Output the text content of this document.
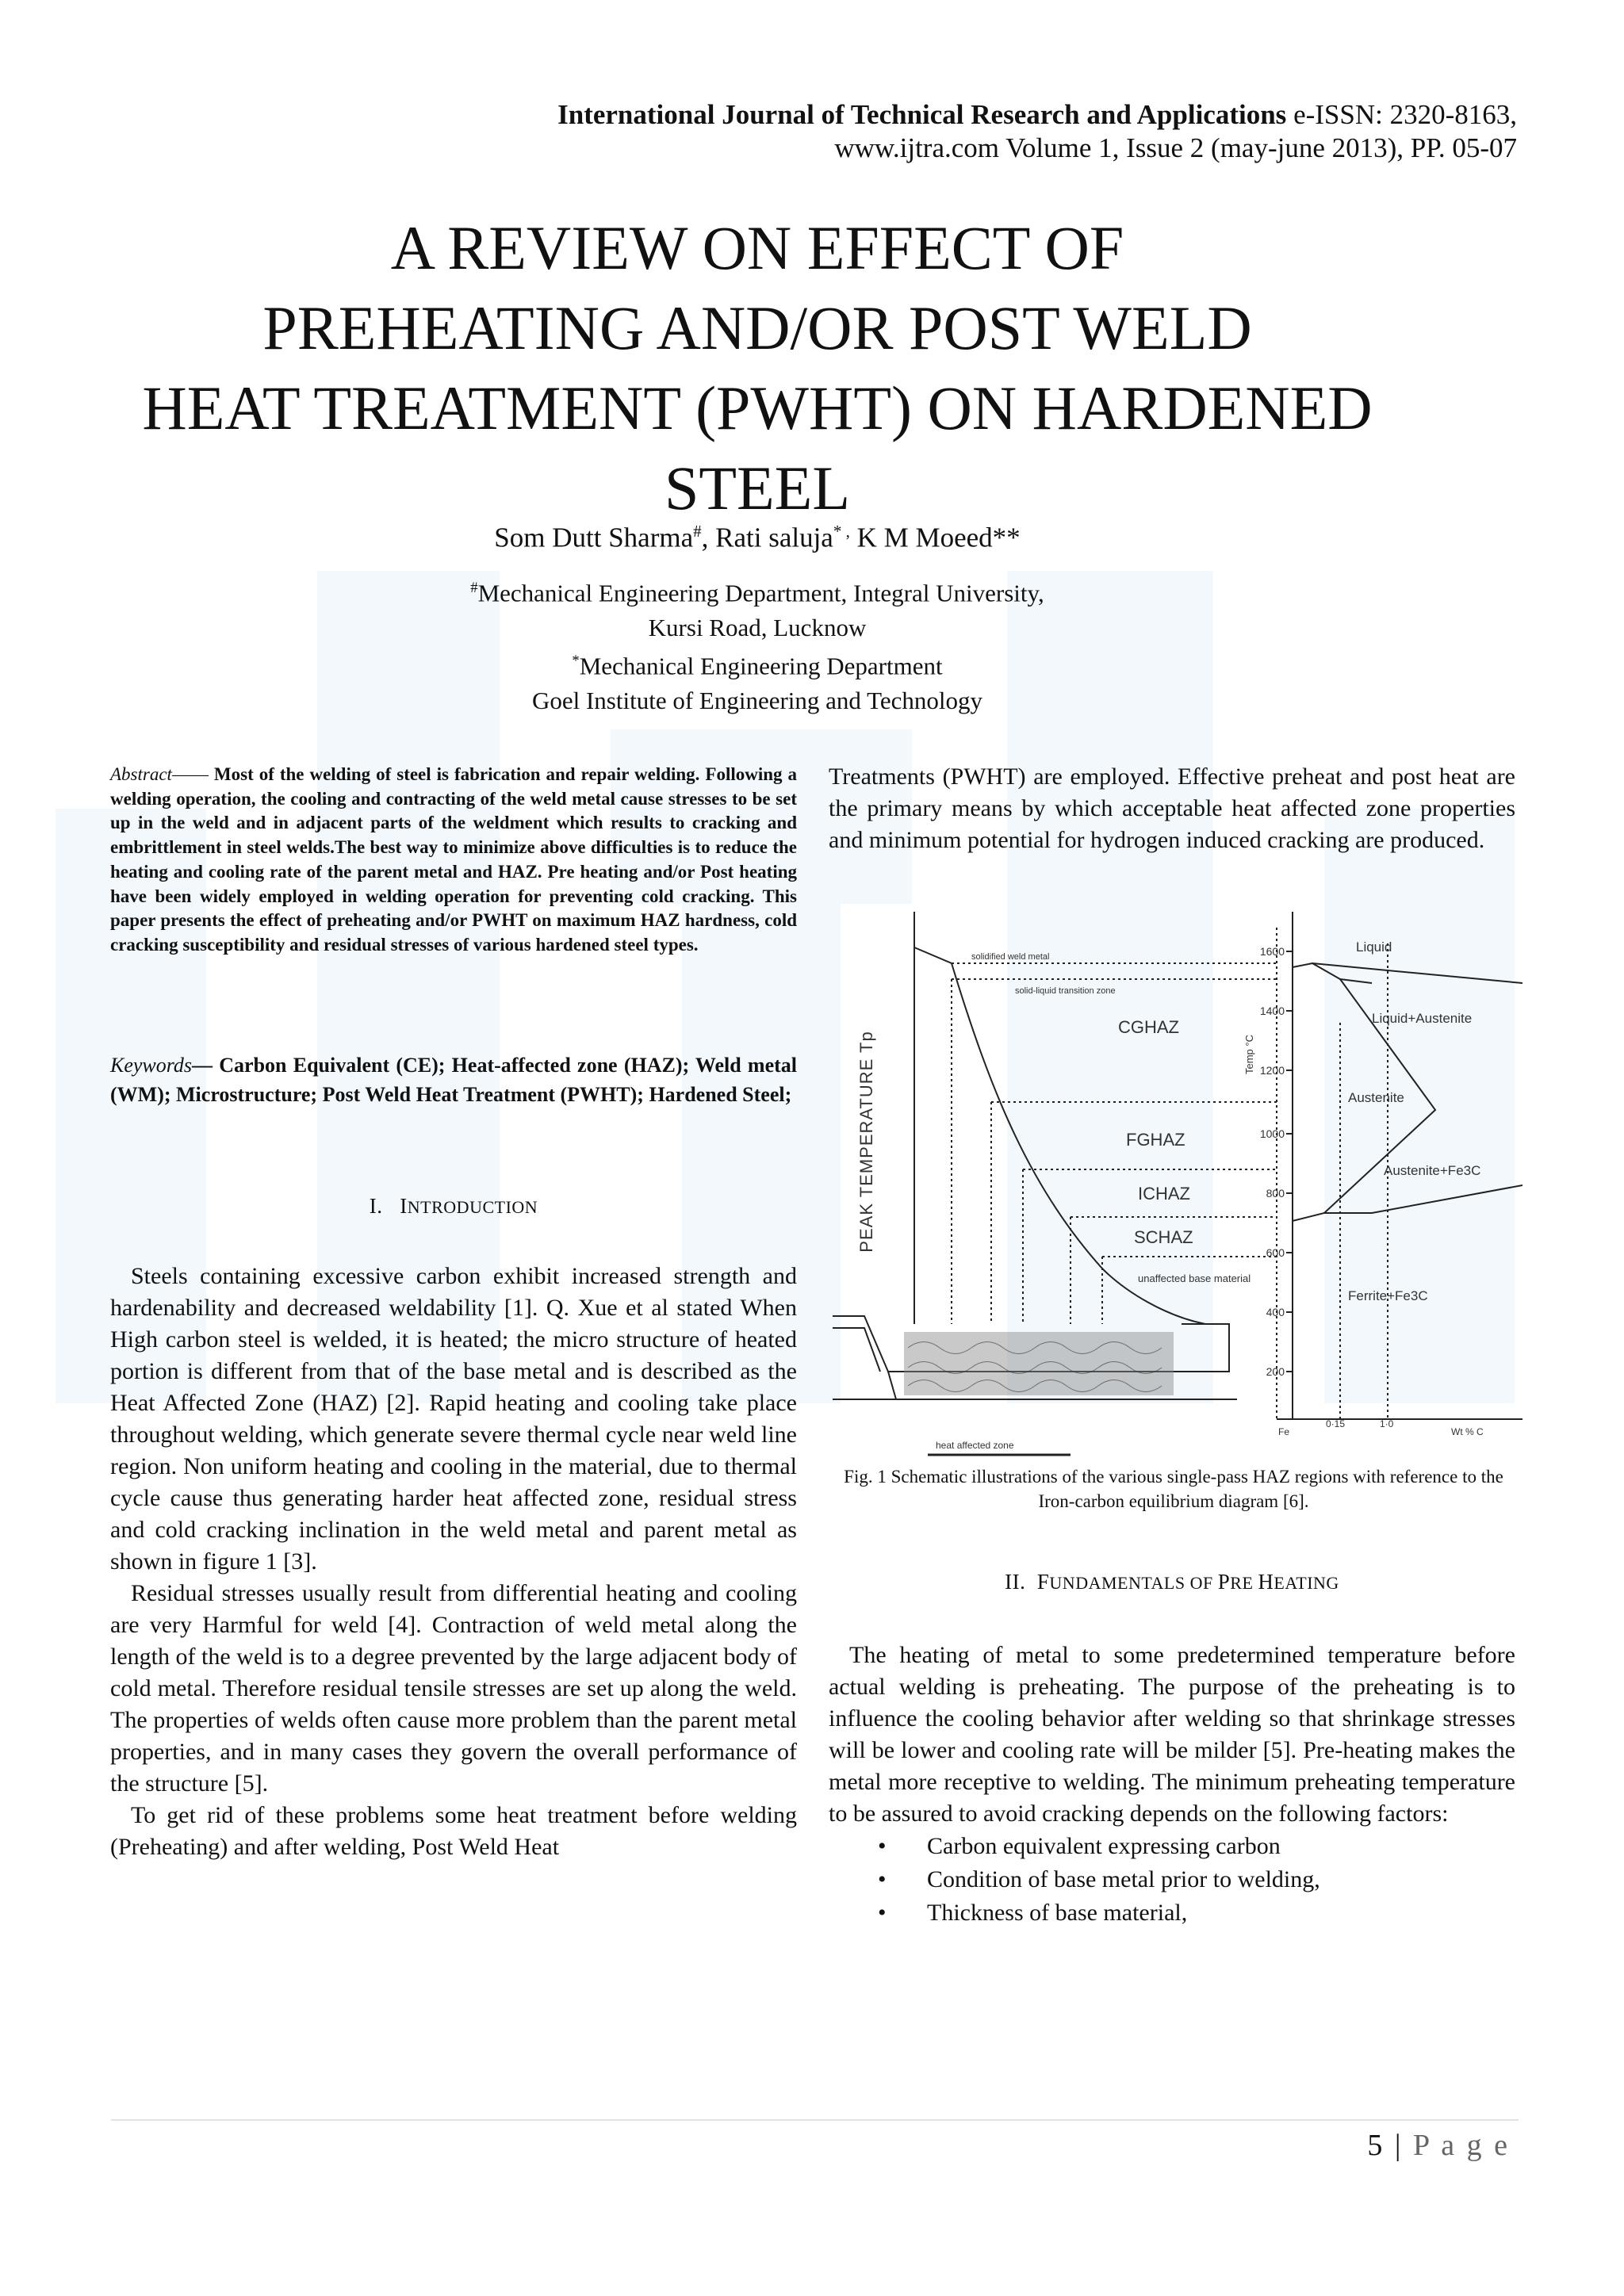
International Journal of Technical Research and Applications e-ISSN: 2320-8163,
www.ijtra.com Volume 1, Issue 2 (may-june 2013), PP. 05-07
A REVIEW ON EFFECT OF
PREHEATING AND/OR POST WELD
HEAT TREATMENT (PWHT) ON HARDENED
STEEL
Som Dutt Sharma#, Rati saluja* , K M Moeed**
#Mechanical Engineering Department, Integral University,
Kursi Road, Lucknow
*Mechanical Engineering Department
Goel Institute of Engineering and Technology
Abstract—— Most of the welding of steel is fabrication and repair welding. Following a welding operation, the cooling and contracting of the weld metal cause stresses to be set up in the weld and in adjacent parts of the weldment which results to cracking and embrittlement in steel welds.The best way to minimize above difficulties is to reduce the heating and cooling rate of the parent metal and HAZ. Pre heating and/or Post heating have been widely employed in welding operation for preventing cold cracking. This paper presents the effect of preheating and/or PWHT on maximum HAZ hardness, cold cracking susceptibility and residual stresses of various hardened steel types.
Keywords— Carbon Equivalent (CE); Heat-affected zone (HAZ); Weld metal (WM); Microstructure; Post Weld Heat Treatment (PWHT); Hardened Steel;
I. INTRODUCTION

Steels containing excessive carbon exhibit increased strength and hardenability and decreased weldability [1]. Q. Xue et al stated When High carbon steel is welded, it is heated; the micro structure of heated portion is different from that of the base metal and is described as the Heat Affected Zone (HAZ) [2]. Rapid heating and cooling take place throughout welding, which generate severe thermal cycle near weld line region. Non uniform heating and cooling in the material, due to thermal cycle cause thus generating harder heat affected zone, residual stress and cold cracking inclination in the weld metal and parent metal as shown in figure 1 [3].

Residual stresses usually result from differential heating and cooling are very Harmful for weld [4]. Contraction of weld metal along the length of the weld is to a degree prevented by the large adjacent body of cold metal. Therefore residual tensile stresses are set up along the weld. The properties of welds often cause more problem than the parent metal properties, and in many cases they govern the overall performance of the structure [5].

To get rid of these problems some heat treatment before welding (Preheating) and after welding, Post Weld Heat

Treatments (PWHT) are employed. Effective preheat and post heat are the primary means by which acceptable heat affected zone properties and minimum potential for hydrogen induced cracking are produced.

PEAK TEMPERATURE Tp
solidified weld metal
solid-liquid transition zone
CGHAZ
FGHAZ
ICHAZ
SCHAZ
unaffected base material
heat affected zone
Temp °C
1600
1400
1200
1000
800
600
400
200
Liquid
Liquid+Austenite
Austenite
Austenite+Fe3C
Ferrite+Fe3C
Fe
0·15	1·0
Wt % C
Fig. 1 Schematic illustrations of the various single-pass HAZ regions with reference to the Iron-carbon equilibrium diagram [6].
II. FUNDAMENTALS OF PRE HEATING

The heating of metal to some predetermined temperature before actual welding is preheating. The purpose of the preheating is to influence the cooling behavior after welding so that shrinkage stresses will be lower and cooling rate will be milder [5]. Pre-heating makes the metal more receptive to welding. The minimum preheating temperature to be assured to avoid cracking depends on the following factors:

• Carbon equivalent expressing carbon
• Condition of base metal prior to welding,
• Thickness of base material,
5 | P a g e
